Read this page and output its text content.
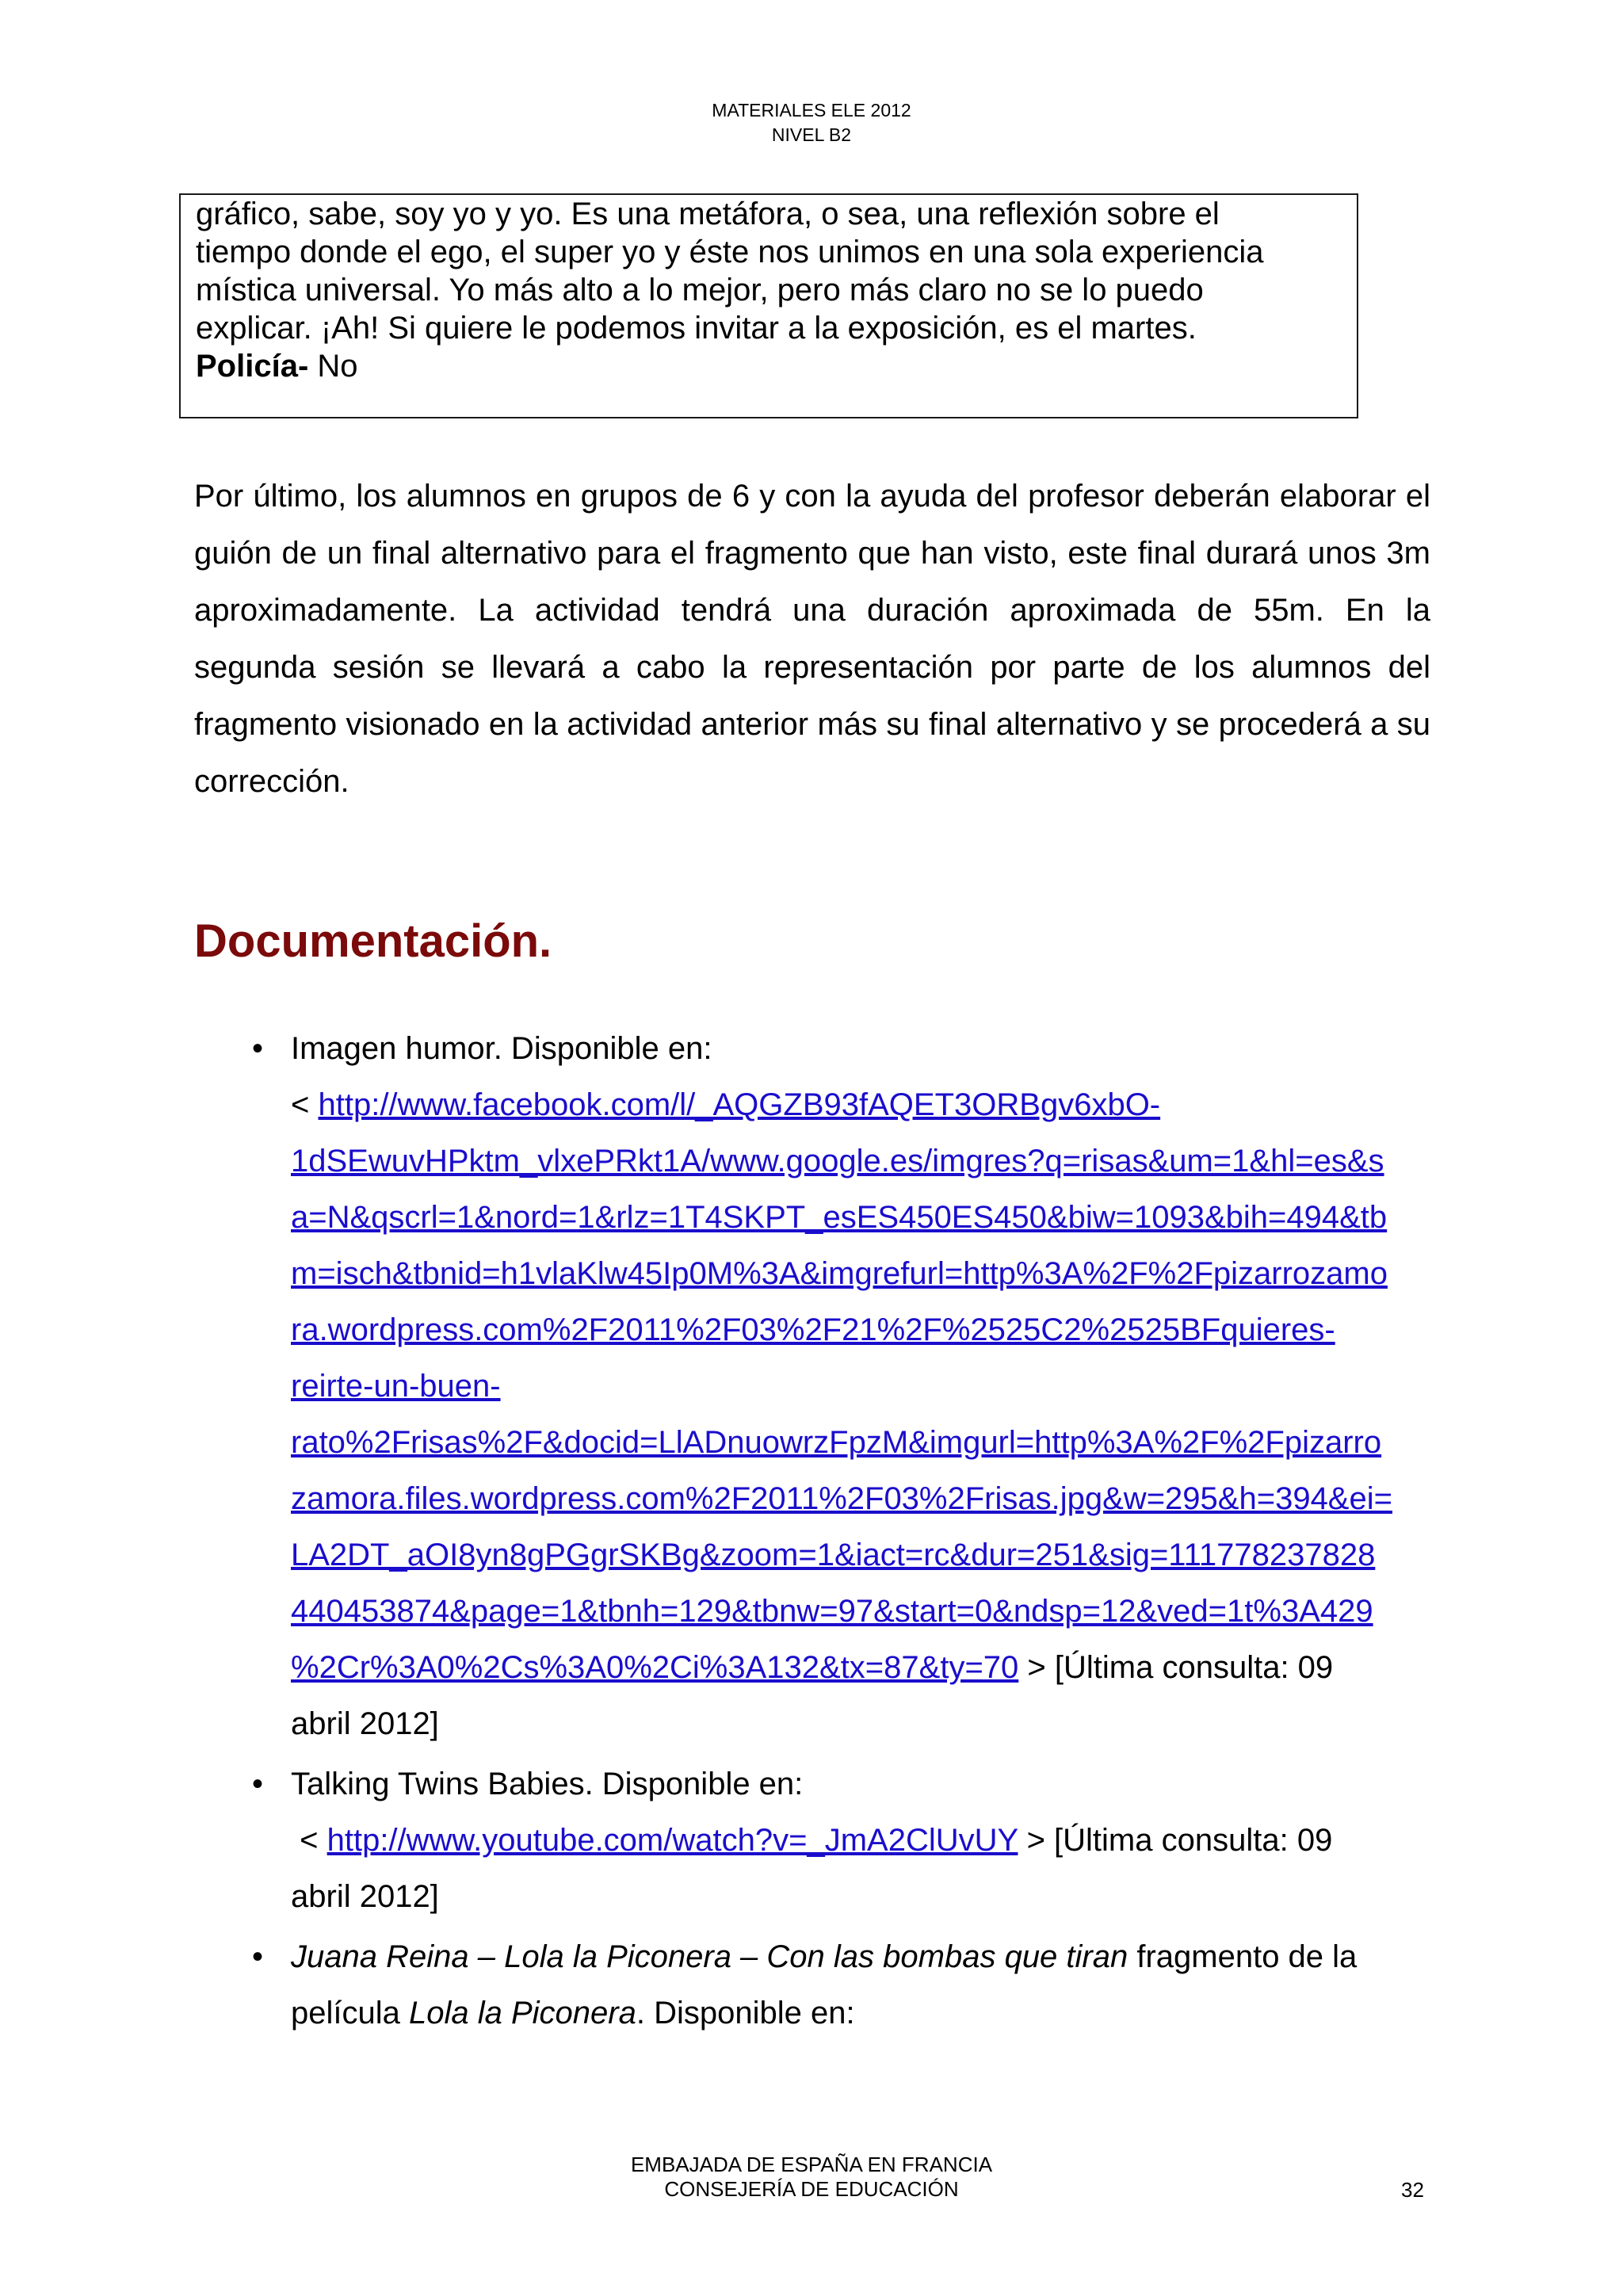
MATERIALES ELE 2012
NIVEL B2

gráfico, sabe, soy yo y yo. Es una metáfora, o sea, una reflexión sobre el
tiempo donde el ego, el super yo y éste nos unimos en una sola experiencia
mística universal. Yo más alto a lo mejor, pero más claro no se lo puedo
explicar. ¡Ah! Si quiere le podemos invitar a la exposición, es el martes.
Policía- No

Por último, los alumnos en grupos de 6 y con la ayuda del profesor deberán elaborar el guión de un final alternativo para el fragmento que han visto, este final durará unos 3m aproximadamente. La actividad tendrá una duración aproximada de 55m. En la segunda sesión se llevará a cabo la representación por parte de los alumnos del fragmento visionado en la actividad anterior más su final alternativo y se procederá a su corrección.

Documentación.
• Imagen humor. Disponible en:
< http://www.facebook.com/l/_AQGZB93fAQET3ORBgv6xbO-
1dSEwuvHPktm_vlxePRkt1A/www.google.es/imgres?q=risas&um=1&hl=es&s
a=N&qscrl=1&nord=1&rlz=1T4SKPT_esES450ES450&biw=1093&bih=494&tb
m=isch&tbnid=h1vlaKlw45Ip0M%3A&imgrefurl=http%3A%2F%2Fpizarrozamo
ra.wordpress.com%2F2011%2F03%2F21%2F%2525C2%2525BFquieres-
reirte-un-buen-
rato%2Frisas%2F&docid=LlADnuowrzFpzM&imgurl=http%3A%2F%2Fpizarro
zamora.files.wordpress.com%2F2011%2F03%2Frisas.jpg&w=295&h=394&ei=
LA2DT_aOI8yn8gPGgrSKBg&zoom=1&iact=rc&dur=251&sig=111778237828
440453874&page=1&tbnh=129&tbnw=97&start=0&ndsp=12&ved=1t%3A429
%2Cr%3A0%2Cs%3A0%2Ci%3A132&tx=87&ty=70 > [Última consulta: 09
abril 2012]
• Talking Twins Babies. Disponible en:
< http://www.youtube.com/watch?v=_JmA2ClUvUY > [Última consulta: 09
abril 2012]
• Juana Reina – Lola la Piconera – Con las bombas que tiran fragmento de la
película Lola la Piconera. Disponible en:
EMBAJADA DE ESPAÑA EN FRANCIA
CONSEJERÍA DE EDUCACIÓN	32
